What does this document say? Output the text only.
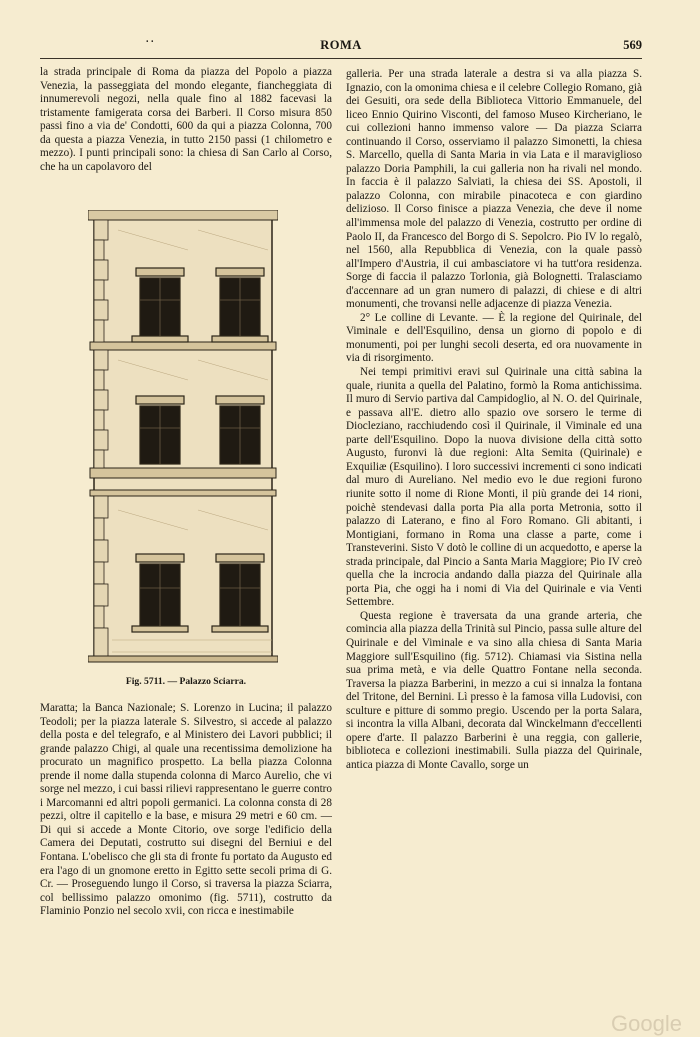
. .	ROMA	569

la strada principale di Roma da piazza del Popolo a piazza Venezia, la passeggiata del mondo elegante, fiancheggiata di innumerevoli negozi, nella quale fino al 1882 facevasi la tristamente famigerata corsa dei Barberi. Il Corso misura 850 passi fino a via de' Condotti, 600 da qui a piazza Colonna, 700 da questa a piazza Venezia, in tutto 2150 passi (1 chilometro e mezzo). I punti principali sono: la chiesa di San Carlo al Corso, che ha un capolavoro del

Fig. 5711. — Palazzo Sciarra.

Maratta; la Banca Nazionale; S. Lorenzo in Lucina; il palazzo Teodoli; per la piazza laterale S. Silvestro, si accede al palazzo della posta e del telegrafo, e al Ministero dei Lavori pubblici; il grande palazzo Chigi, al quale una recentissima demolizione ha procurato un magnifico prospetto. La bella piazza Colonna prende il nome dalla stupenda colonna di Marco Aurelio, che vi sorge nel mezzo, i cui bassi rilievi rappresentano le guerre contro i Marcomanni ed altri popoli germanici. La colonna consta di 28 pezzi, oltre il capitello e la base, e misura 29 metri e 60 cm. — Di qui si accede a Monte Citorio, ove sorge l'edificio della Camera dei Deputati, costrutto sui disegni del Berniui e del Fontana. L'obelisco che gli sta di fronte fu portato da Augusto ed era l'ago di un gnomone eretto in Egitto sette secoli prima di G. Cr. — Proseguendo lungo il Corso, si traversa la piazza Sciarra, col bellissimo palazzo omonimo (fig. 5711), costrutto da Flaminio Ponzio nel secolo xvii, con ricca e inestimabile

galleria. Per una strada laterale a destra si va alla piazza S. Ignazio, con la omonima chiesa e il celebre Collegio Romano, già dei Gesuiti, ora sede della Biblioteca Vittorio Emmanuele, del liceo Ennio Quirino Visconti, del famoso Museo Kircheriano, le cui collezioni hanno immenso valore — Da piazza Sciarra continuando il Corso, osserviamo il palazzo Simonetti, la chiesa S. Marcello, quella di Santa Maria in via Lata e il maraviglioso palazzo Doria Pamphili, la cui galleria non ha rivali nel mondo. In faccia è il palazzo Salviati, la chiesa dei SS. Apostoli, il palazzo Colonna, con mirabile pinacoteca e con giardino delizioso. Il Corso finisce a piazza Venezia, che deve il nome all'immensa mole del palazzo di Venezia, costrutto per ordine di Paolo II, da Francesco del Borgo di S. Sepolcro. Pio IV lo regalò, nel 1560, alla Repubblica di Venezia, con la quale passò all'Impero d'Austria, il cui ambasciatore vi ha tutt'ora residenza. Sorge di faccia il palazzo Torlonia, già Bolognetti. Tralasciamo d'accennare ad un gran numero di palazzi, di chiese e di altri monumenti, che trovansi nelle adjacenze di piazza Venezia.

2° Le colline di Levante. — È la regione del Quirinale, del Viminale e dell'Esquilino, densa un giorno di popolo e di monumenti, poi per lunghi secoli deserta, ed ora nuovamente in via di risorgimento.

Nei tempi primitivi eravi sul Quirinale una città sabina la quale, riunita a quella del Palatino, formò la Roma antichissima. Il muro di Servio partiva dal Campidoglio, al N. O. del Quirinale, e passava all'E. dietro allo spazio ove sorsero le terme di Diocleziano, racchiudendo così il Quirinale, il Viminale ed una parte dell'Esquilino. Dopo la nuova divisione della città sotto Augusto, furonvi là due regioni: Alta Semita (Quirinale) e Exquiliæ (Esquilino). I loro successivi incrementi ci sono indicati dal muro di Aureliano. Nel medio evo le due regioni furono riunite sotto il nome di Rione Monti, il più grande dei 14 rioni, poichè stendevasi dalla porta Pia alla porta Metronia, sotto il palazzo di Laterano, e fino al Foro Romano. Gli abitanti, i Montigiani, formano in Roma una classe a parte, come i Transteverini. Sisto V dotò le colline di un acquedotto, e aperse la strada principale, dal Pincio a Santa Maria Maggiore; Pio IV creò quella che la incrocia andando dalla piazza del Quirinale alla porta Pia, che oggi ha i nomi di Via del Quirinale e via Venti Settembre.

Questa regione è traversata da una grande arteria, che comincia alla piazza della Trinità sul Pincio, passa sulle alture del Quirinale e del Viminale e va sino alla chiesa di Santa Maria Maggiore sull'Esquilino (fig. 5712). Chiamasi via Sistina nella sua prima metà, e via delle Quattro Fontane nella seconda. Traversa la piazza Barberini, in mezzo a cui si innalza la fontana del Tritone, del Bernini. Lì presso è la famosa villa Ludovisi, con sculture e pitture di sommo pregio. Uscendo per la porta Salara, si incontra la villa Albani, decorata dal Winckelmann d'eccellenti opere d'arte. Il palazzo Barberini è una reggia, con gallerie, biblioteca e collezioni inestimabili. Sulla piazza del Quirinale, antica piazza di Monte Cavallo, sorge un

Google
